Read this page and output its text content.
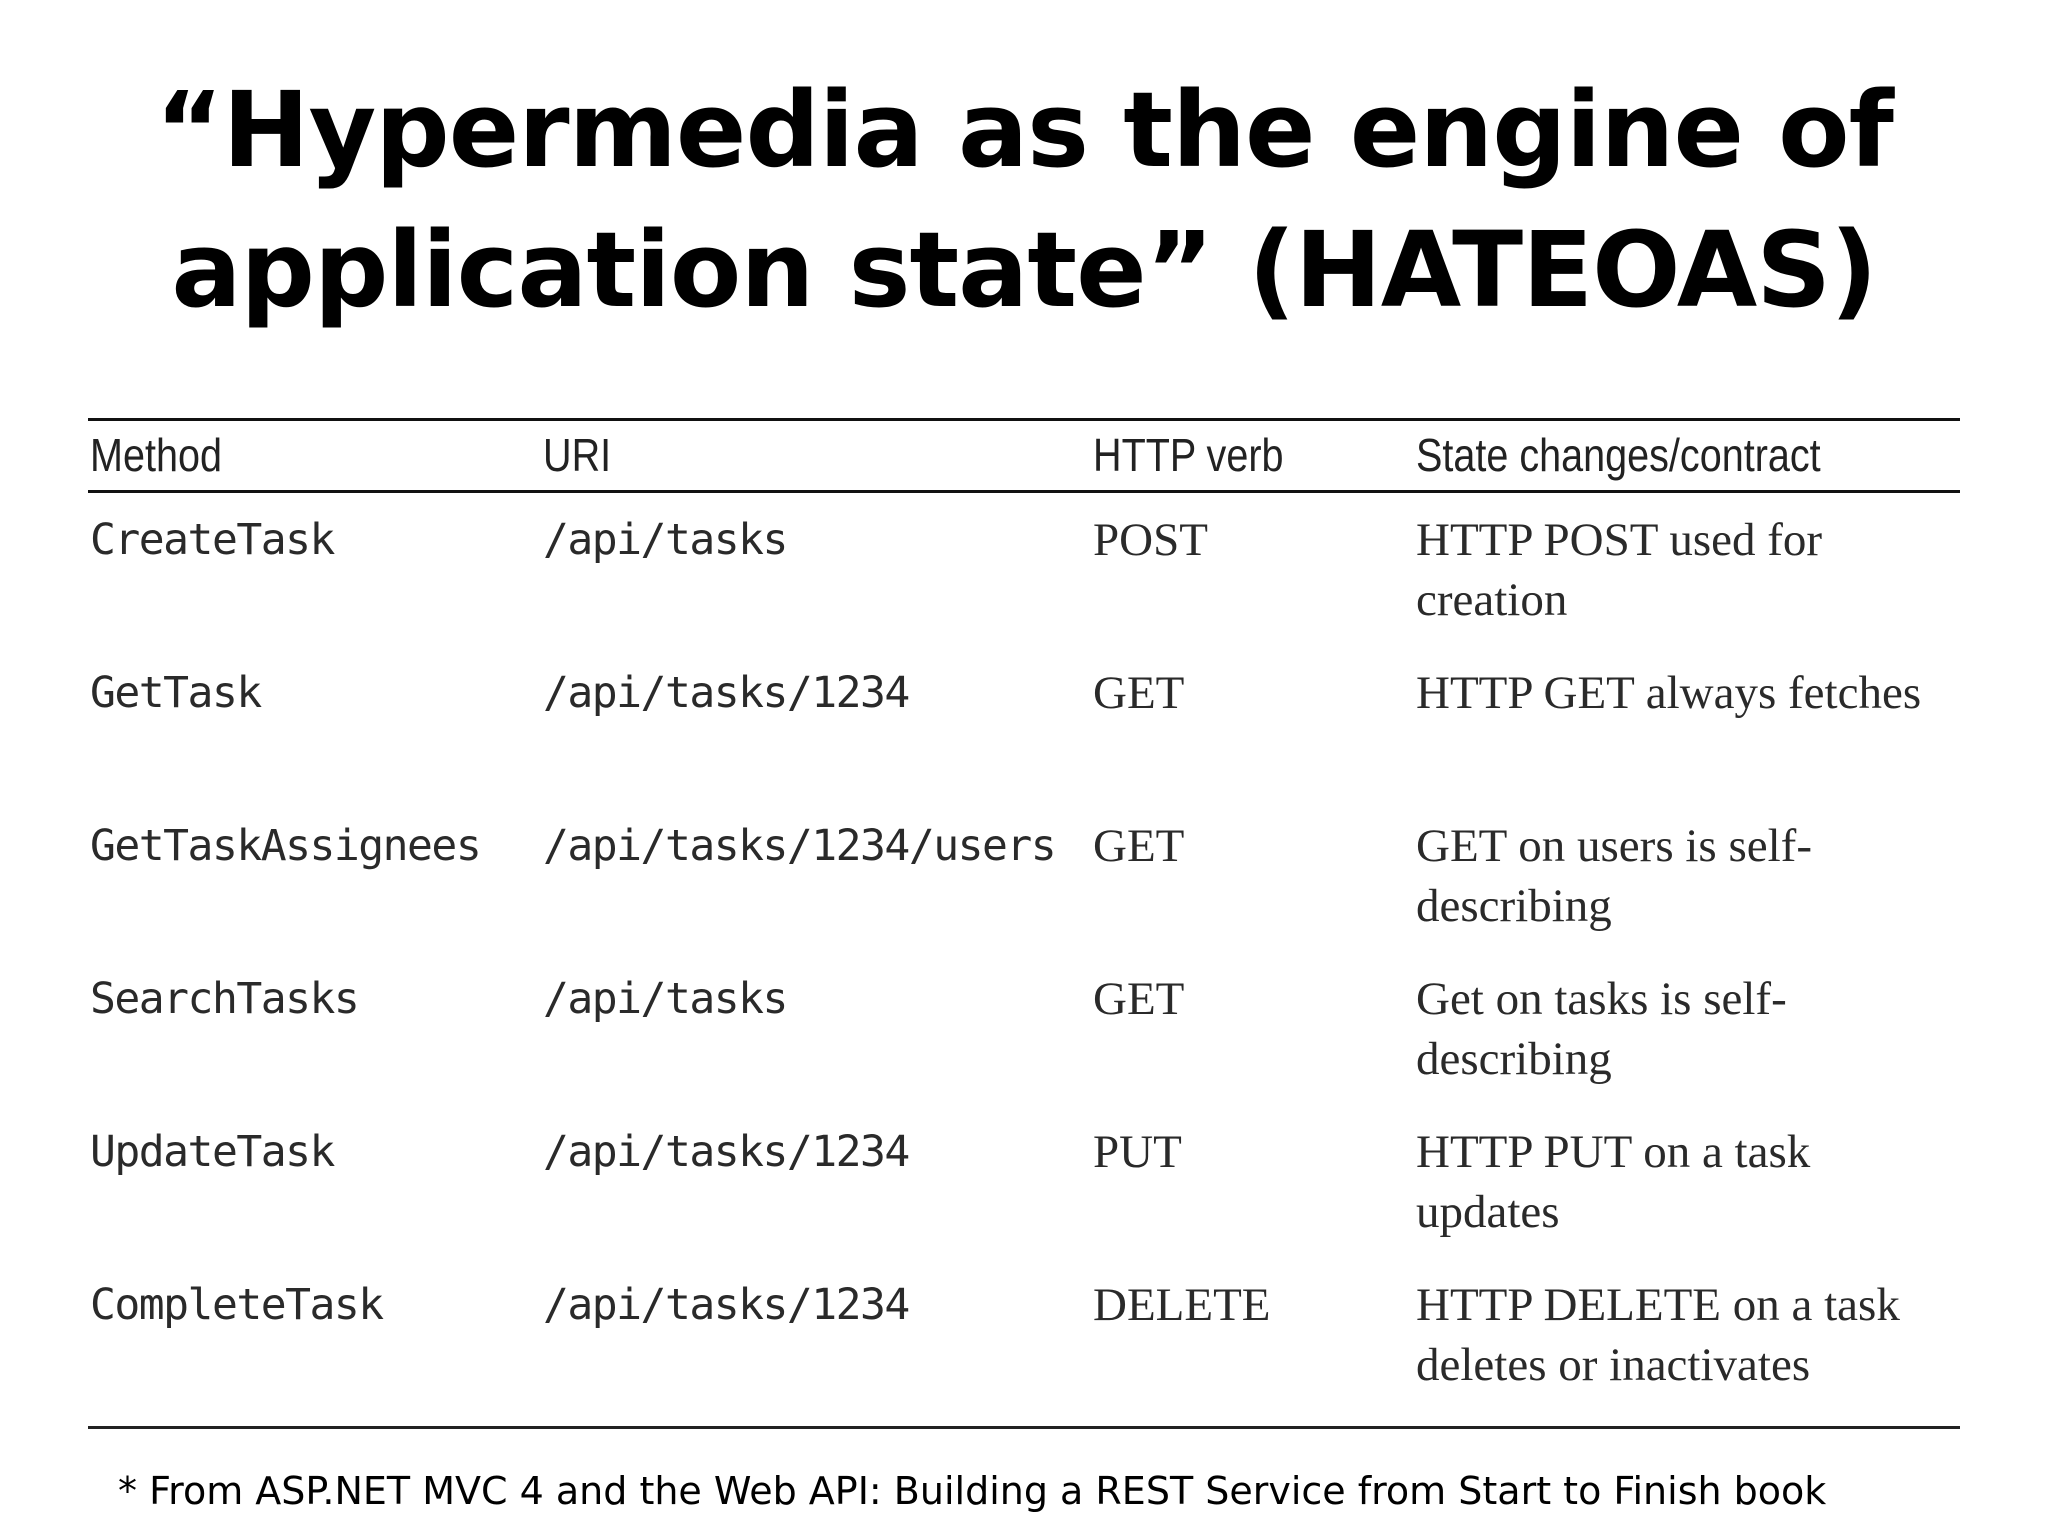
“Hypermedia as the engine of
application state” (HATEOAS)
Method	URI	HTTP verb	State changes/contract
CreateTask	/api/tasks	POST	HTTP POST used for creation
GetTask	/api/tasks/1234	GET	HTTP GET always fetches
GetTaskAssignees /api/tasks/1234/users GET	GET on users is self-describing
SearchTasks	/api/tasks	GET	Get on tasks is self-describing
UpdateTask	/api/tasks/1234	PUT	HTTP PUT on a task updates
CompleteTask	/api/tasks/1234	DELETE	HTTP DELETE on a task deletes or inactivates
* From ASP.NET MVC 4 and the Web API: Building a REST Service from Start to Finish book
